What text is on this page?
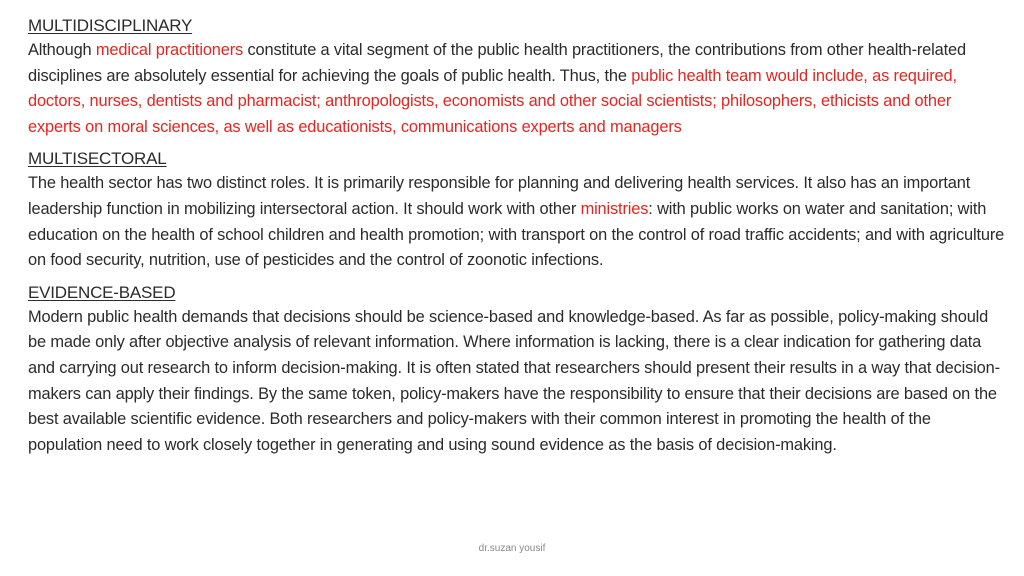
MULTIDISCIPLINARY

Although medical practitioners constitute a vital segment of the public health practitioners, the contributions from other health-related disciplines are absolutely essential for achieving the goals of public health. Thus, the public health team would include, as required, doctors, nurses, dentists and pharmacist; anthropologists, economists and other social scientists; philosophers, ethicists and other experts on moral sciences, as well as educationists, communications experts and managers

MULTISECTORAL

The health sector has two distinct roles. It is primarily responsible for planning and delivering health services. It also has an important leadership function in mobilizing intersectoral action. It should work with other ministries: with public works on water and sanitation; with education on the health of school children and health promotion; with transport on the control of road traffic accidents; and with agriculture on food security, nutrition, use of pesticides and the control of zoonotic infections.

EVIDENCE-BASED

Modern public health demands that decisions should be science-based and knowledge-based. As far as possible, policy-making should be made only after objective analysis of relevant information. Where information is lacking, there is a clear indication for gathering data and carrying out research to inform decision-making. It is often stated that researchers should present their results in a way that decision-makers can apply their findings. By the same token, policy-makers have the responsibility to ensure that their decisions are based on the best available scientific evidence. Both researchers and policy-makers with their common interest in promoting the health of the population need to work closely together in generating and using sound evidence as the basis of decision-making.

dr.suzan yousif
